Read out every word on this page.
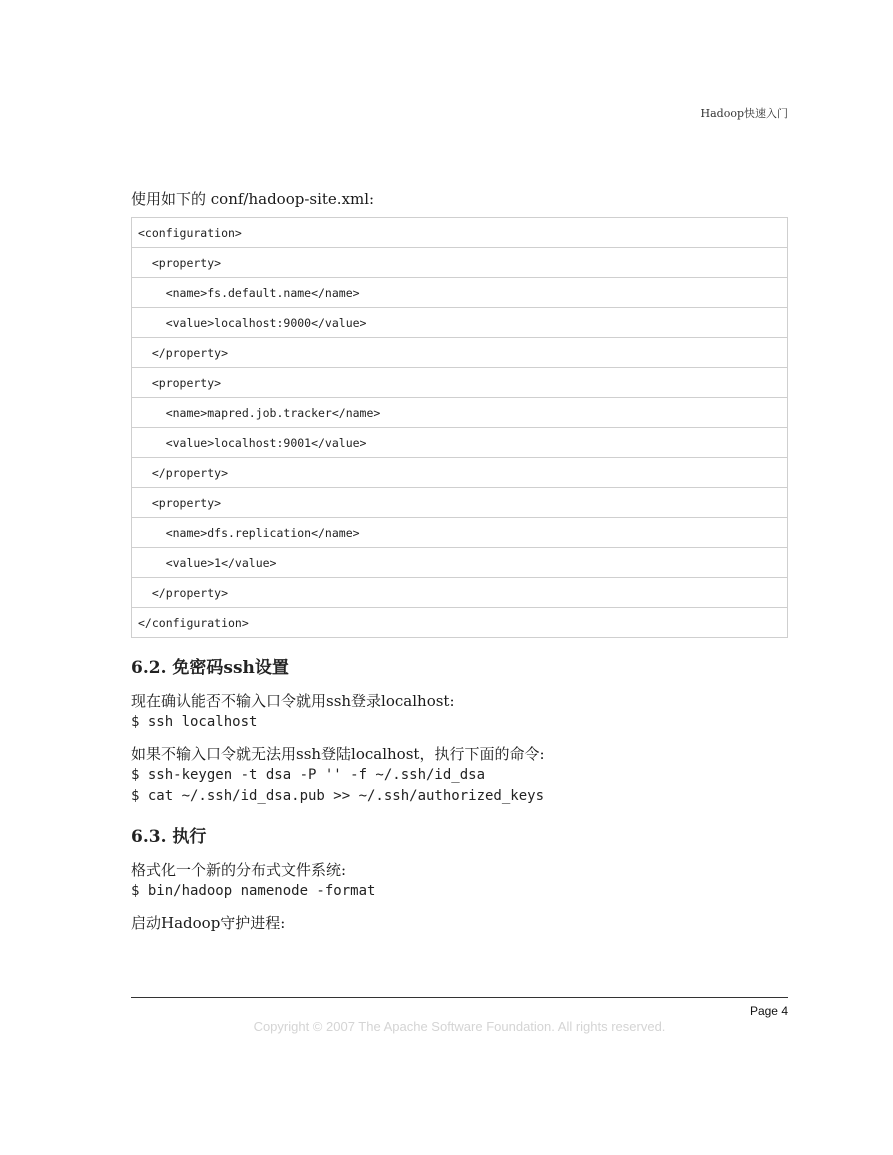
Hadoop快速入门

使用如下的 conf/hadoop-site.xml:

<configuration>
<property>
<name>fs.default.name</name>
<value>localhost:9000</value>
</property>
<property>
<name>mapred.job.tracker</name>
<value>localhost:9001</value>
</property>
<property>
<name>dfs.replication</name>
<value>1</value>
</property>
</configuration>
6.2. 免密码ssh设置
现在确认能否不输入口令就用ssh登录localhost:
$ ssh localhost
如果不输入口令就无法用ssh登陆localhost，执行下面的命令:
$ ssh-keygen -t dsa -P '' -f ~/.ssh/id_dsa
$ cat ~/.ssh/id_dsa.pub >> ~/.ssh/authorized_keys
6.3. 执行
格式化一个新的分布式文件系统:
$ bin/hadoop namenode -format
启动Hadoop守护进程:
Page 4
Copyright © 2007 The Apache Software Foundation. All rights reserved.
